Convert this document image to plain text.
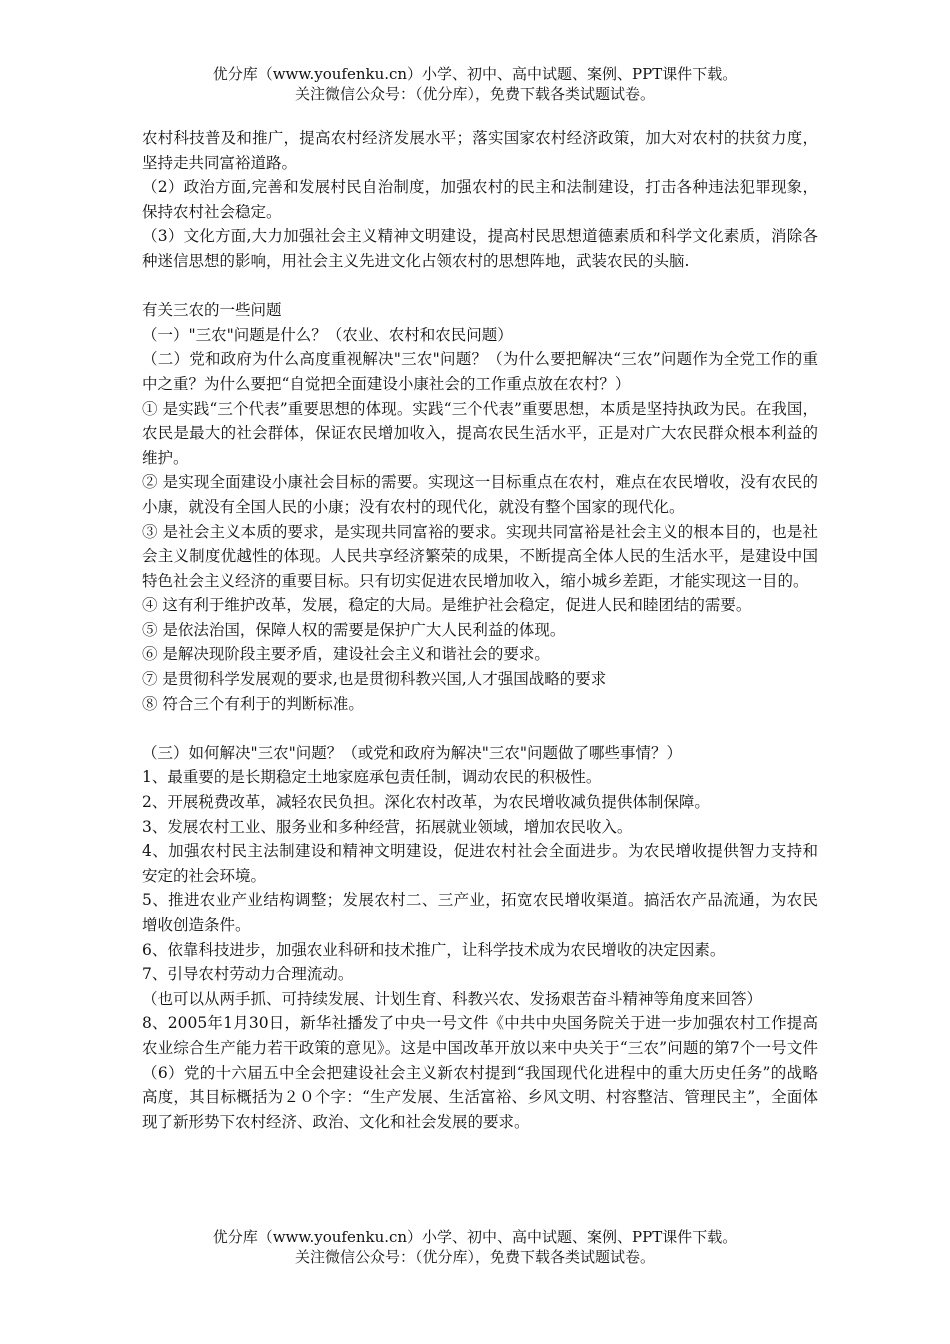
优分库（www.youfenku.cn）小学、初中、高中试题、案例、PPT课件下载。
关注微信公众号：（优分库），免费下载各类试题试卷。

农村科技普及和推广，提高农村经济发展水平；落实国家农村经济政策，加大对农村的扶贫力度，坚持走共同富裕道路。

（2）政治方面,完善和发展村民自治制度，加强农村的民主和法制建设，打击各种违法犯罪现象，保持农村社会稳定。

（3）文化方面,大力加强社会主义精神文明建设，提高村民思想道德素质和科学文化素质，消除各种迷信思想的影响，用社会主义先进文化占领农村的思想阵地，武装农民的头脑.

有关三农的一些问题

（一）"三农"问题是什么？（农业、农村和农民问题）

（二）党和政府为什么高度重视解决"三农"问题？（为什么要把解决“三农”问题作为全党工作的重中之重？为什么要把“自觉把全面建设小康社会的工作重点放在农村？）

① 是实践“三个代表”重要思想的体现。实践“三个代表”重要思想，本质是坚持执政为民。在我国，农民是最大的社会群体，保证农民增加收入，提高农民生活水平，正是对广大农民群众根本利益的维护。

② 是实现全面建设小康社会目标的需要。实现这一目标重点在农村，难点在农民增收，没有农民的小康，就没有全国人民的小康；没有农村的现代化，就没有整个国家的现代化。

③ 是社会主义本质的要求，是实现共同富裕的要求。实现共同富裕是社会主义的根本目的，也是社会主义制度优越性的体现。人民共享经济繁荣的成果，不断提高全体人民的生活水平，是建设中国特色社会主义经济的重要目标。只有切实促进农民增加收入，缩小城乡差距，才能实现这一目的。

④ 这有利于维护改革，发展，稳定的大局。是维护社会稳定，促进人民和睦团结的需要。

⑤ 是依法治国，保障人权的需要是保护广大人民利益的体现。

⑥ 是解决现阶段主要矛盾，建设社会主义和谐社会的要求。

⑦ 是贯彻科学发展观的要求,也是贯彻科教兴国,人才强国战略的要求

⑧ 符合三个有利于的判断标准。

（三）如何解决"三农"问题？（或党和政府为解决"三农"问题做了哪些事情？）

1、最重要的是长期稳定土地家庭承包责任制，调动农民的积极性。

2、开展税费改革，减轻农民负担。深化农村改革，为农民增收减负提供体制保障。

3、发展农村工业、服务业和多种经营，拓展就业领域，增加农民收入。

4、加强农村民主法制建设和精神文明建设，促进农村社会全面进步。为农民增收提供智力支持和安定的社会环境。

5、推进农业产业结构调整；发展农村二、三产业，拓宽农民增收渠道。搞活农产品流通，为农民增收创造条件。

6、依靠科技进步，加强农业科研和技术推广，让科学技术成为农民增收的决定因素。

7、引导农村劳动力合理流动。

（也可以从两手抓、可持续发展、计划生育、科教兴农、发扬艰苦奋斗精神等角度来回答）

8、2005年1月30日，新华社播发了中央一号文件《中共中央国务院关于进一步加强农村工作提高农业综合生产能力若干政策的意见》。这是中国改革开放以来中央关于“三农”问题的第7个一号文件（6）党的十六届五中全会把建设社会主义新农村提到“我国现代化进程中的重大历史任务”的战略高度，其目标概括为２０个字：“生产发展、生活富裕、乡风文明、村容整洁、管理民主”，全面体现了新形势下农村经济、政治、文化和社会发展的要求。

优分库（www.youfenku.cn）小学、初中、高中试题、案例、PPT课件下载。
关注微信公众号：（优分库），免费下载各类试题试卷。
